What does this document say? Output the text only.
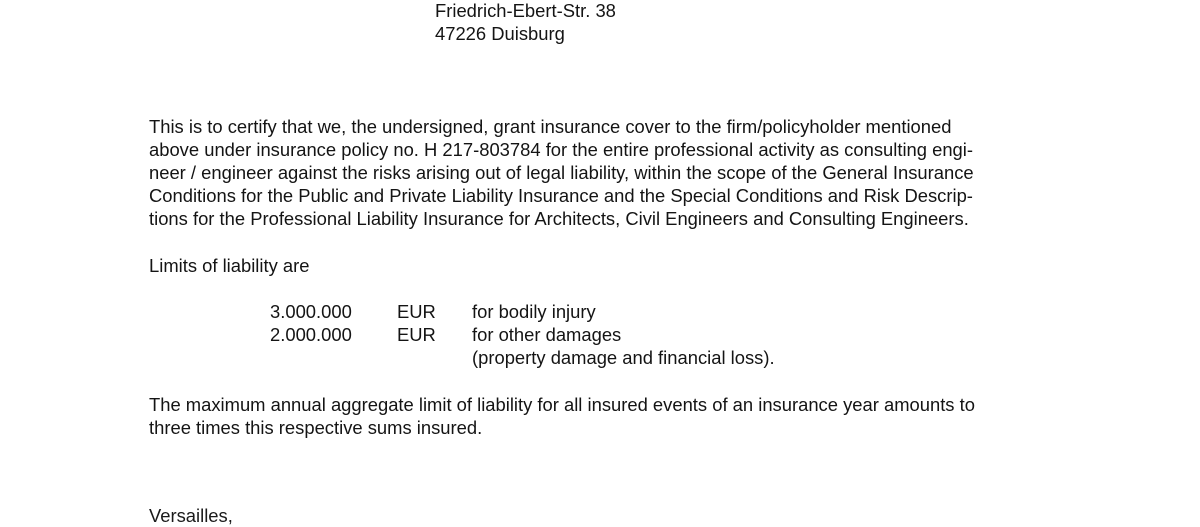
Friedrich-Ebert-Str. 38
47226 Duisburg
This is to certify that we, the undersigned, grant insurance cover to the firm/policyholder mentioned
above under insurance policy no. H 217-803784 for the entire professional activity as consulting engi-
neer / engineer against the risks arising out of legal liability, within the scope of the General Insurance
Conditions for the Public and Private Liability Insurance and the Special Conditions and Risk Descrip-
tions for the Professional Liability Insurance for Architects, Civil Engineers and Consulting Engineers.
Limits of liability are
3.000.000 EUR for bodily injury
2.000.000 EUR for other damages
(property damage and financial loss).
The maximum annual aggregate limit of liability for all insured events of an insurance year amounts to
three times this respective sums insured.
Versailles,
